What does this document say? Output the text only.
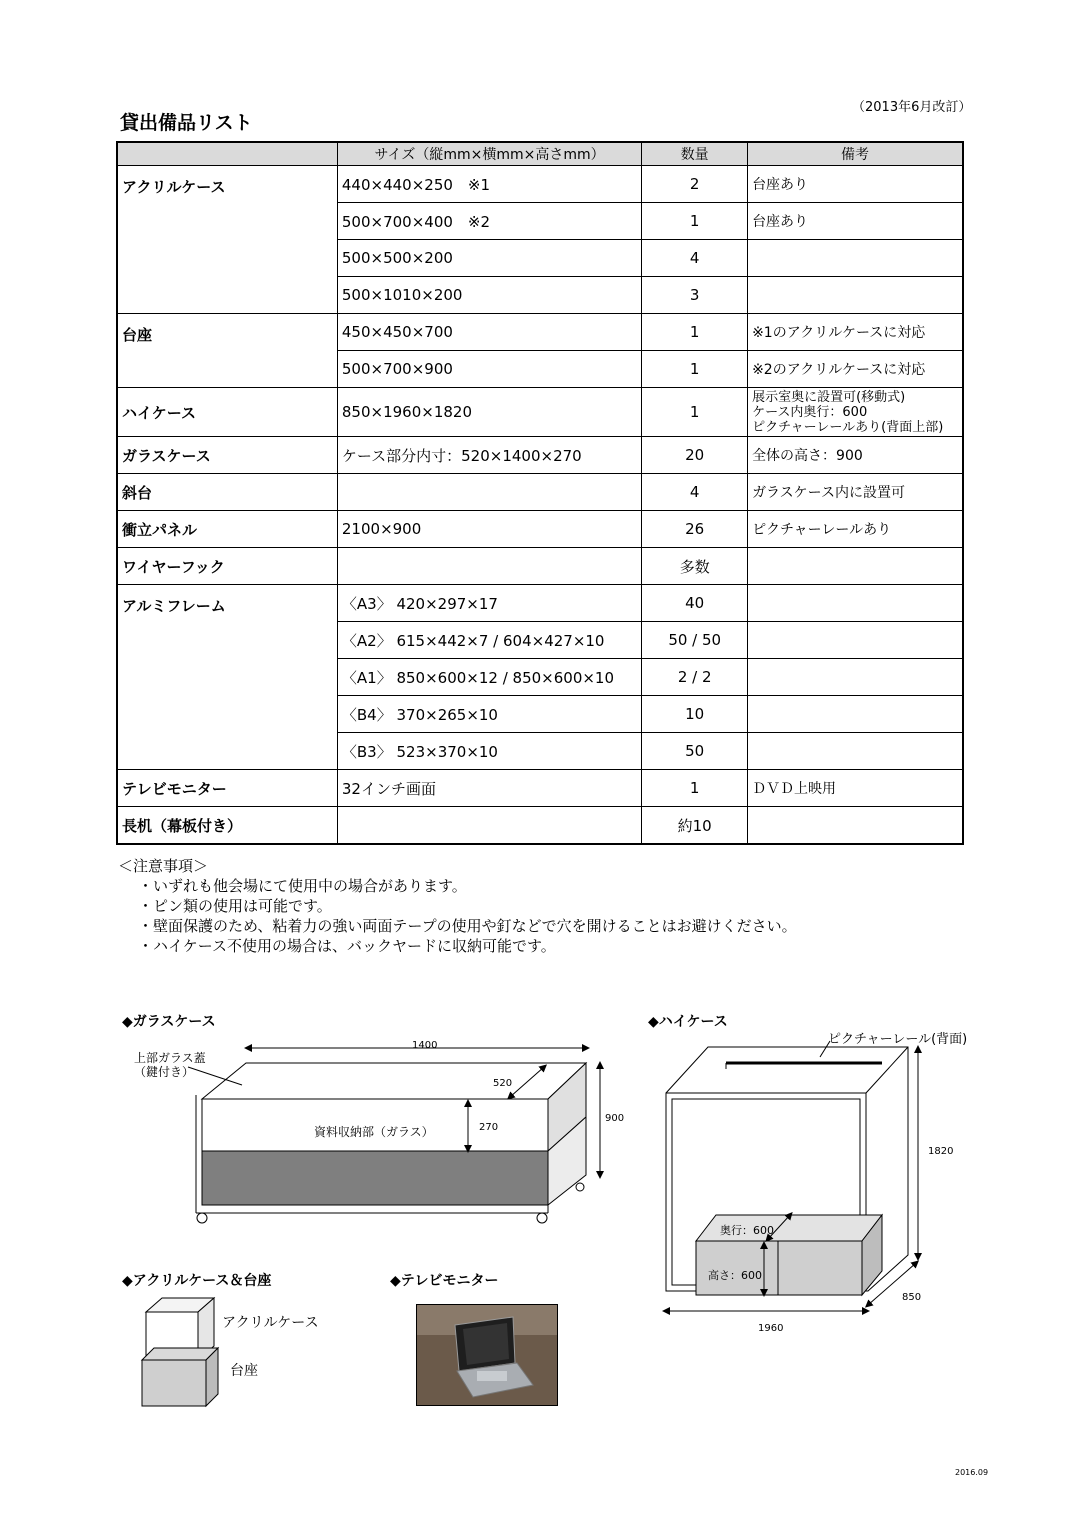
（2013年6月改訂）
貸出備品リスト
	サイズ（縦mm×横mm×高さmm）	数量	備考
アクリルケース	440×440×250　※1	2	台座あり
	500×700×400　※2	1	台座あり
	500×500×200	4	
	500×1010×200	3	
台座	450×450×700	1	※1のアクリルケースに対応
	500×700×900	1	※2のアクリルケースに対応
ハイケース	850×1960×1820	1	展示室奥に設置可(移動式)
ケース内奥行：600
ピクチャーレールあり(背面上部)

ガラスケース	ケース部分内寸：520×1400×270	20	全体の高さ：900
斜台		4	ガラスケース内に設置可
衝立パネル	2100×900	26	ピクチャーレールあり
ワイヤーフック		多数	
アルミフレーム	〈A3〉 420×297×17	40	
	〈A2〉 615×442×7 / 604×427×10	50 / 50	
	〈A1〉 850×600×12 / 850×600×10	2 / 2	
	〈B4〉 370×265×10	10	
	〈B3〉 523×370×10	50	
テレビモニター	32インチ画面	1	ＤＶＤ上映用
長机（幕板付き）		約10	
＜注意事項＞
・いずれも他会場にて使用中の場合があります。
・ピン類の使用は可能です。
・壁面保護のため、粘着力の強い両面テープの使用や釘などで穴を開けることはお避けください。
・ハイケース不使用の場合は、バックヤードに収納可能です。
◆ガラスケース
1400
520
270
900
資料収納部（ガラス）
上部ガラス蓋
（鍵付き）
◆ハイケース
ピクチャーレール(背面)
1820
850
1960
奥行：600
高さ：600
◆アクリルケース＆台座
アクリルケース
台座
◆テレビモニター
2016.09
